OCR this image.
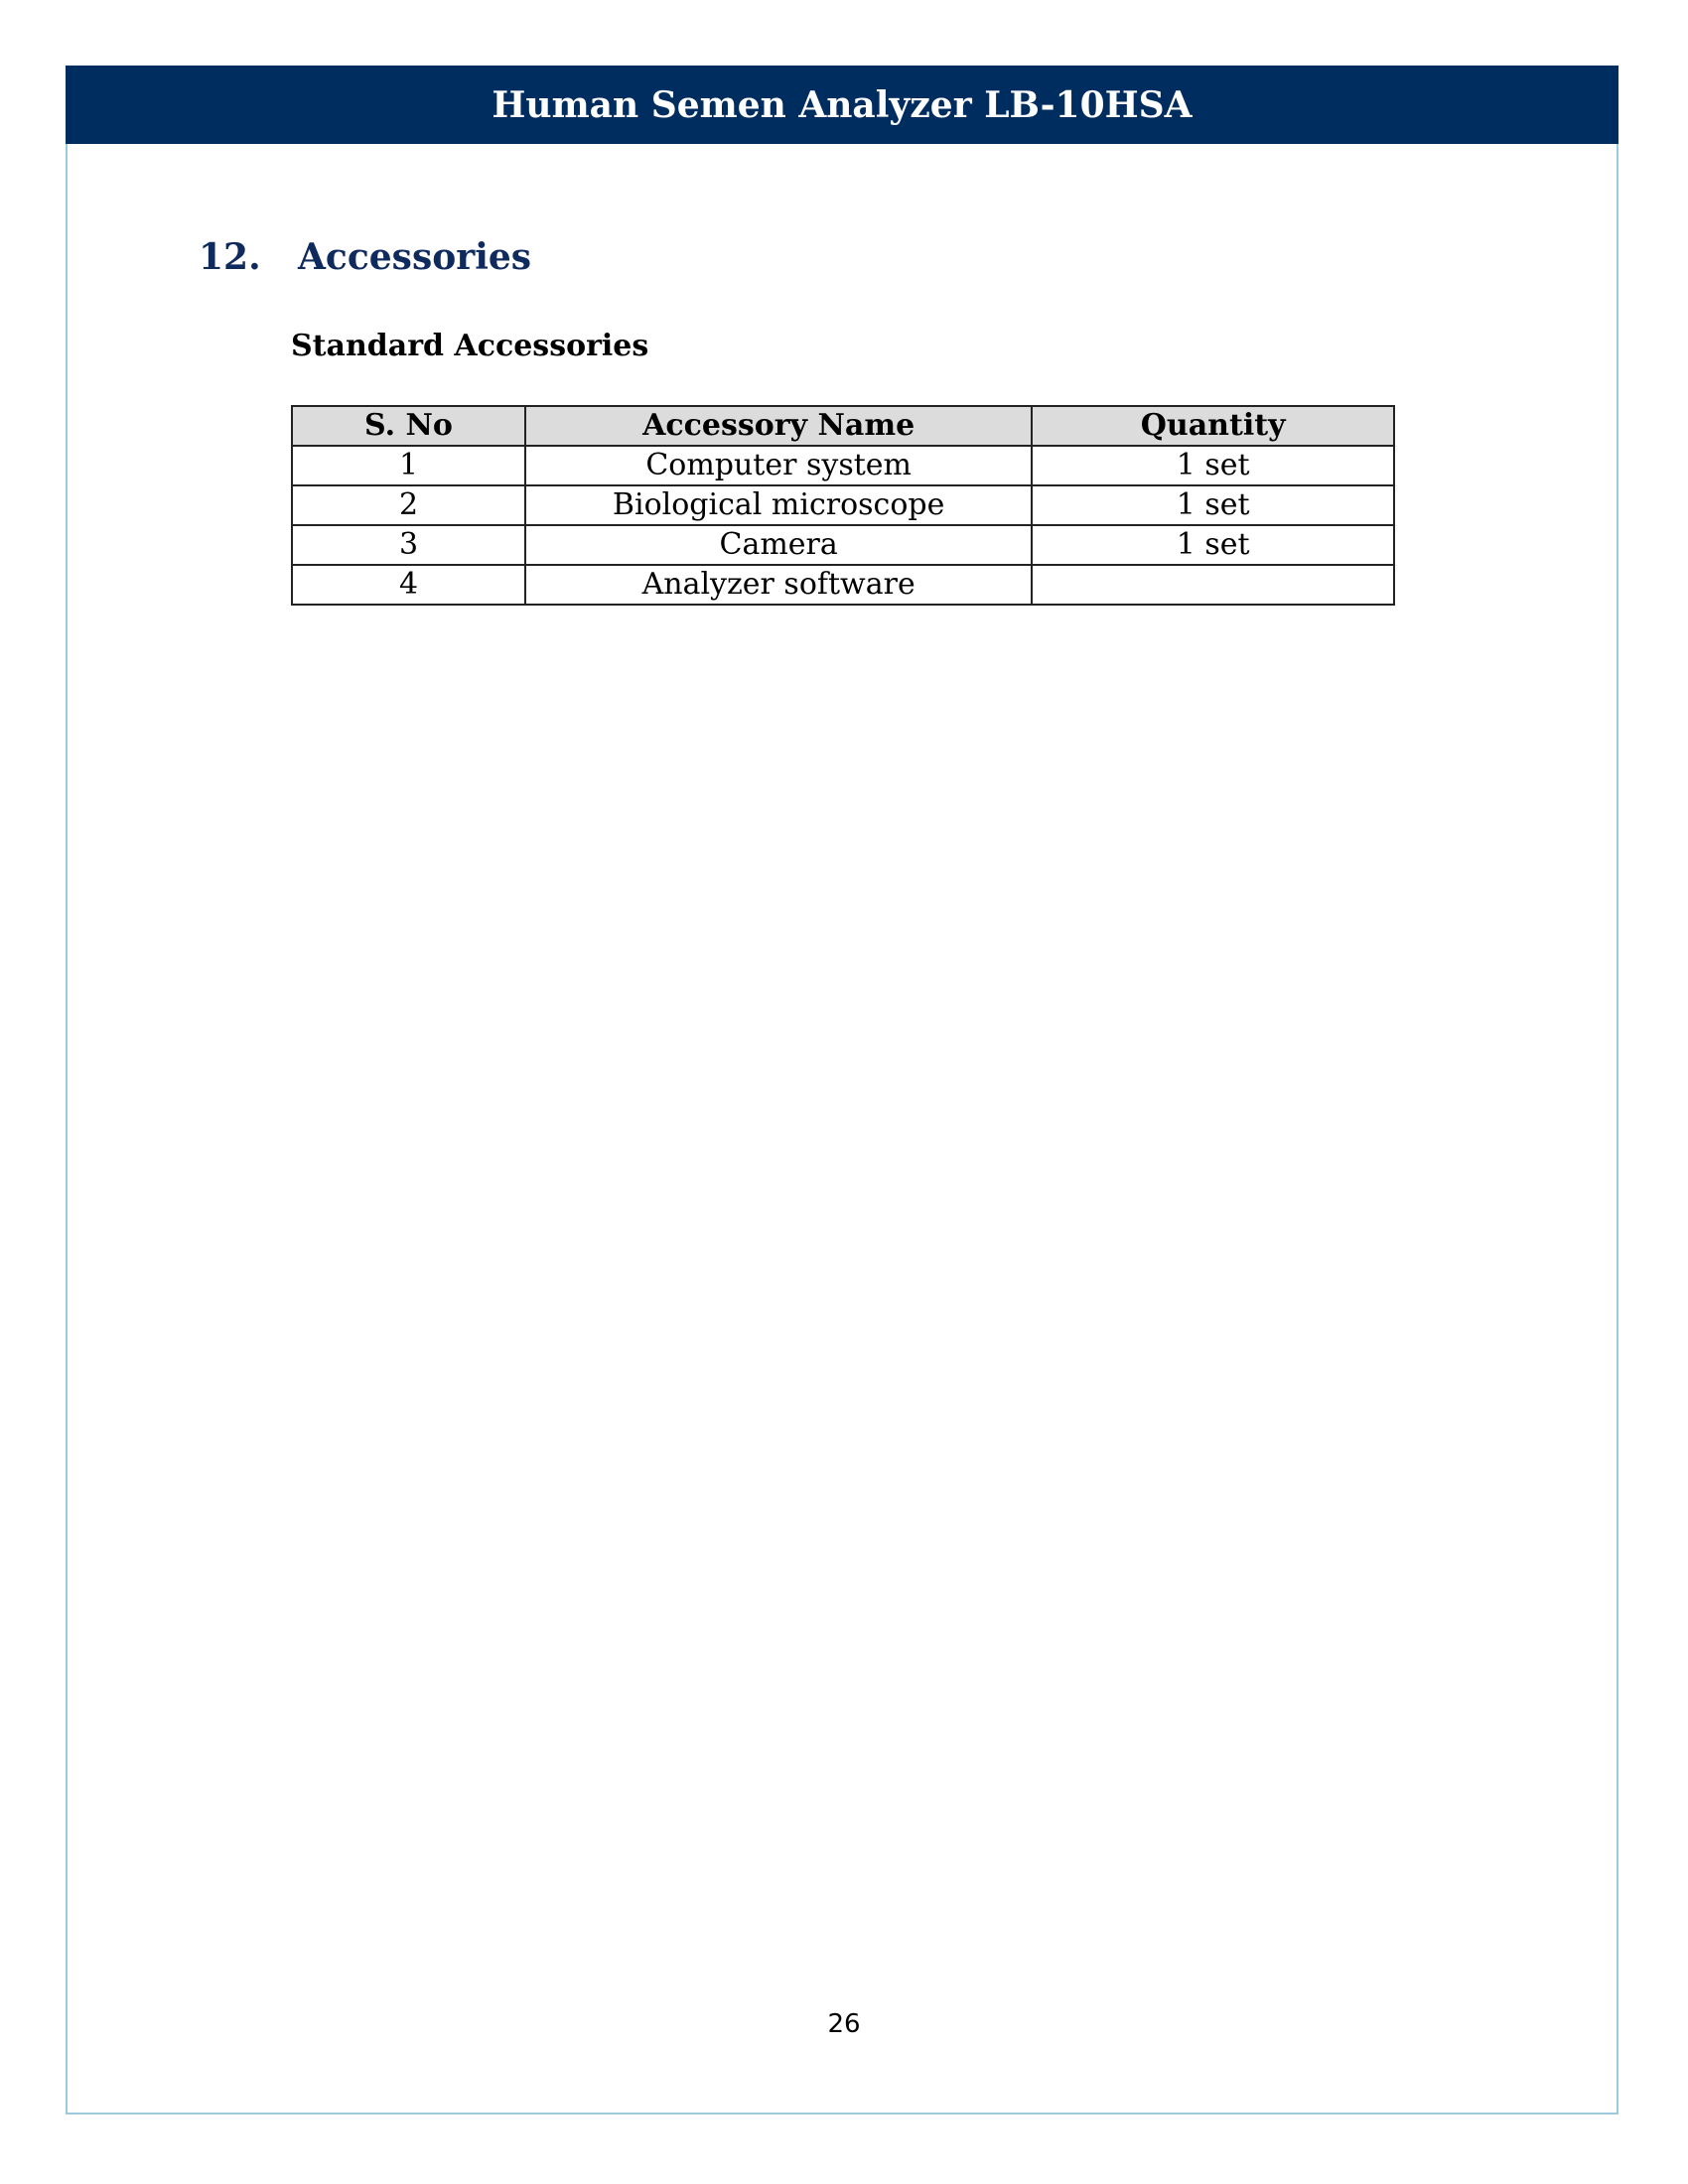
Human Semen Analyzer LB-10HSA
12.	Accessories
Standard Accessories
S. No	Accessory Name	Quantity
1	Computer system	1 set
2	Biological microscope	1 set
3	Camera	1 set
4	Analyzer software	
26
